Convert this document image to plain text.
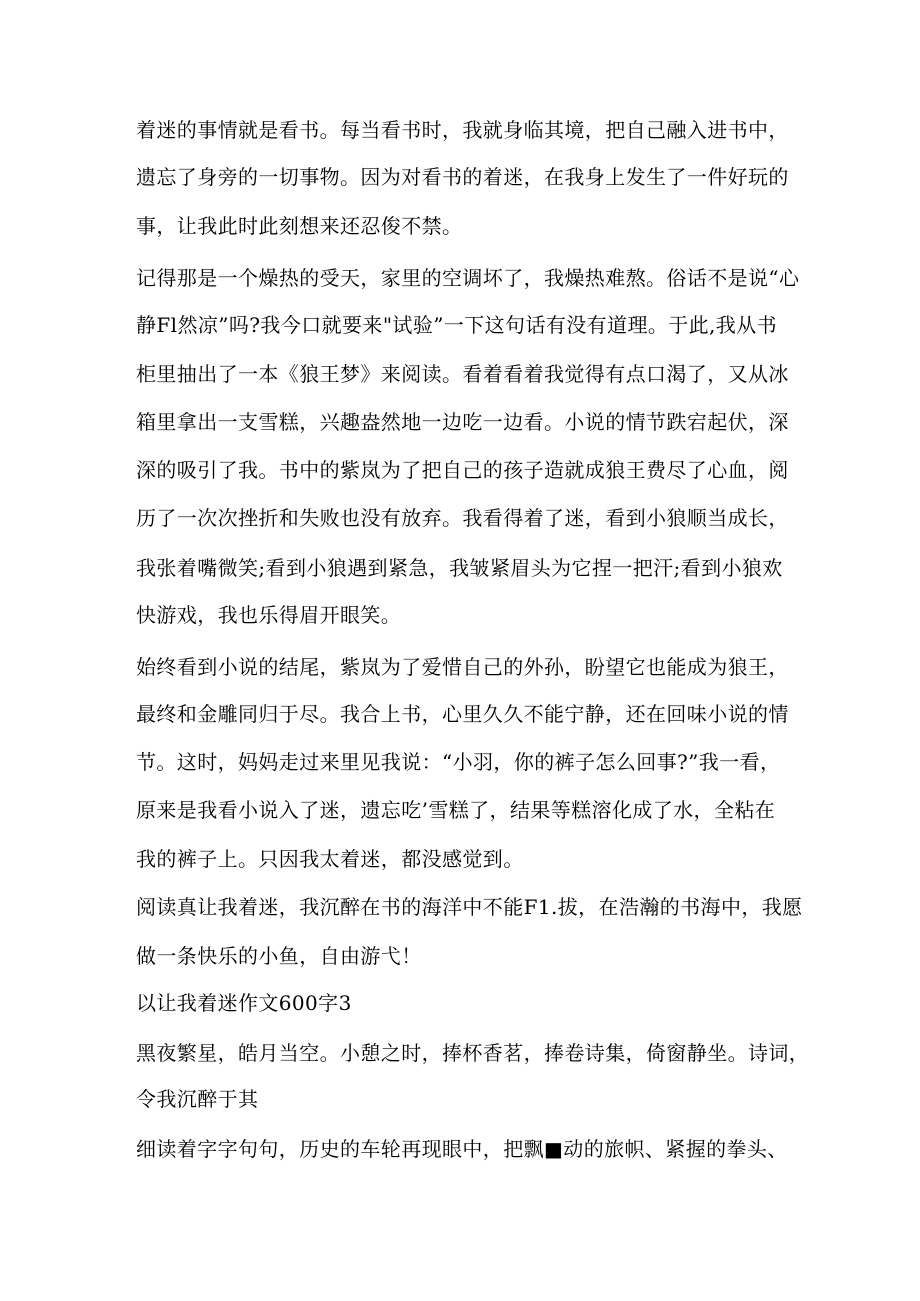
着迷的事情就是看书。每当看书时，我就身临其境，把自己融入进书中，
遗忘了身旁的一切事物。因为对看书的着迷，在我身上发生了一件好玩的
事，让我此时此刻想来还忍俊不禁。
记得那是一个燥热的受天，家里的空调坏了，我燥热难熬。俗话不是说“心
静Fl然凉”吗?我今口就要来"试验”一下这句话有没有道理。于此,我从书
柜里抽出了一本《狼王梦》来阅读。看着看着我觉得有点口渴了，又从冰
箱里拿出一支雪糕，兴趣盎然地一边吃一边看。小说的情节跌宕起伏，深
深的吸引了我。书中的紫岚为了把自己的孩子造就成狼王费尽了心血，阅
历了一次次挫折和失败也没有放弃。我看得着了迷，看到小狼顺当成长，
我张着嘴微笑;看到小狼遇到紧急，我皱紧眉头为它捏一把汗;看到小狼欢
快游戏，我也乐得眉开眼笑。
始终看到小说的结尾，紫岚为了爱惜自己的外孙，盼望它也能成为狼王，
最终和金雕同归于尽。我合上书，心里久久不能宁静，还在回味小说的情
节。这时，妈妈走过来里见我说：“小羽，你的裤子怎么回事?”我一看，
原来是我看小说入了迷，遗忘吃’雪糕了，结果等糕溶化成了水，全粘在
我的裤子上。只因我太着迷，都没感觉到。
阅读真让我着迷，我沉醉在书的海洋中不能F1.拔，在浩瀚的书海中，我愿
做一条快乐的小鱼，自由游弋！
以让我着迷作文600字3
黑夜繁星，皓月当空。小憩之时，捧杯香茗，捧卷诗集，倚窗静坐。诗词，
令我沉醉于其
细读着字字句句，历史的车轮再现眼中，把飘■动的旅帜、紧握的拳头、
